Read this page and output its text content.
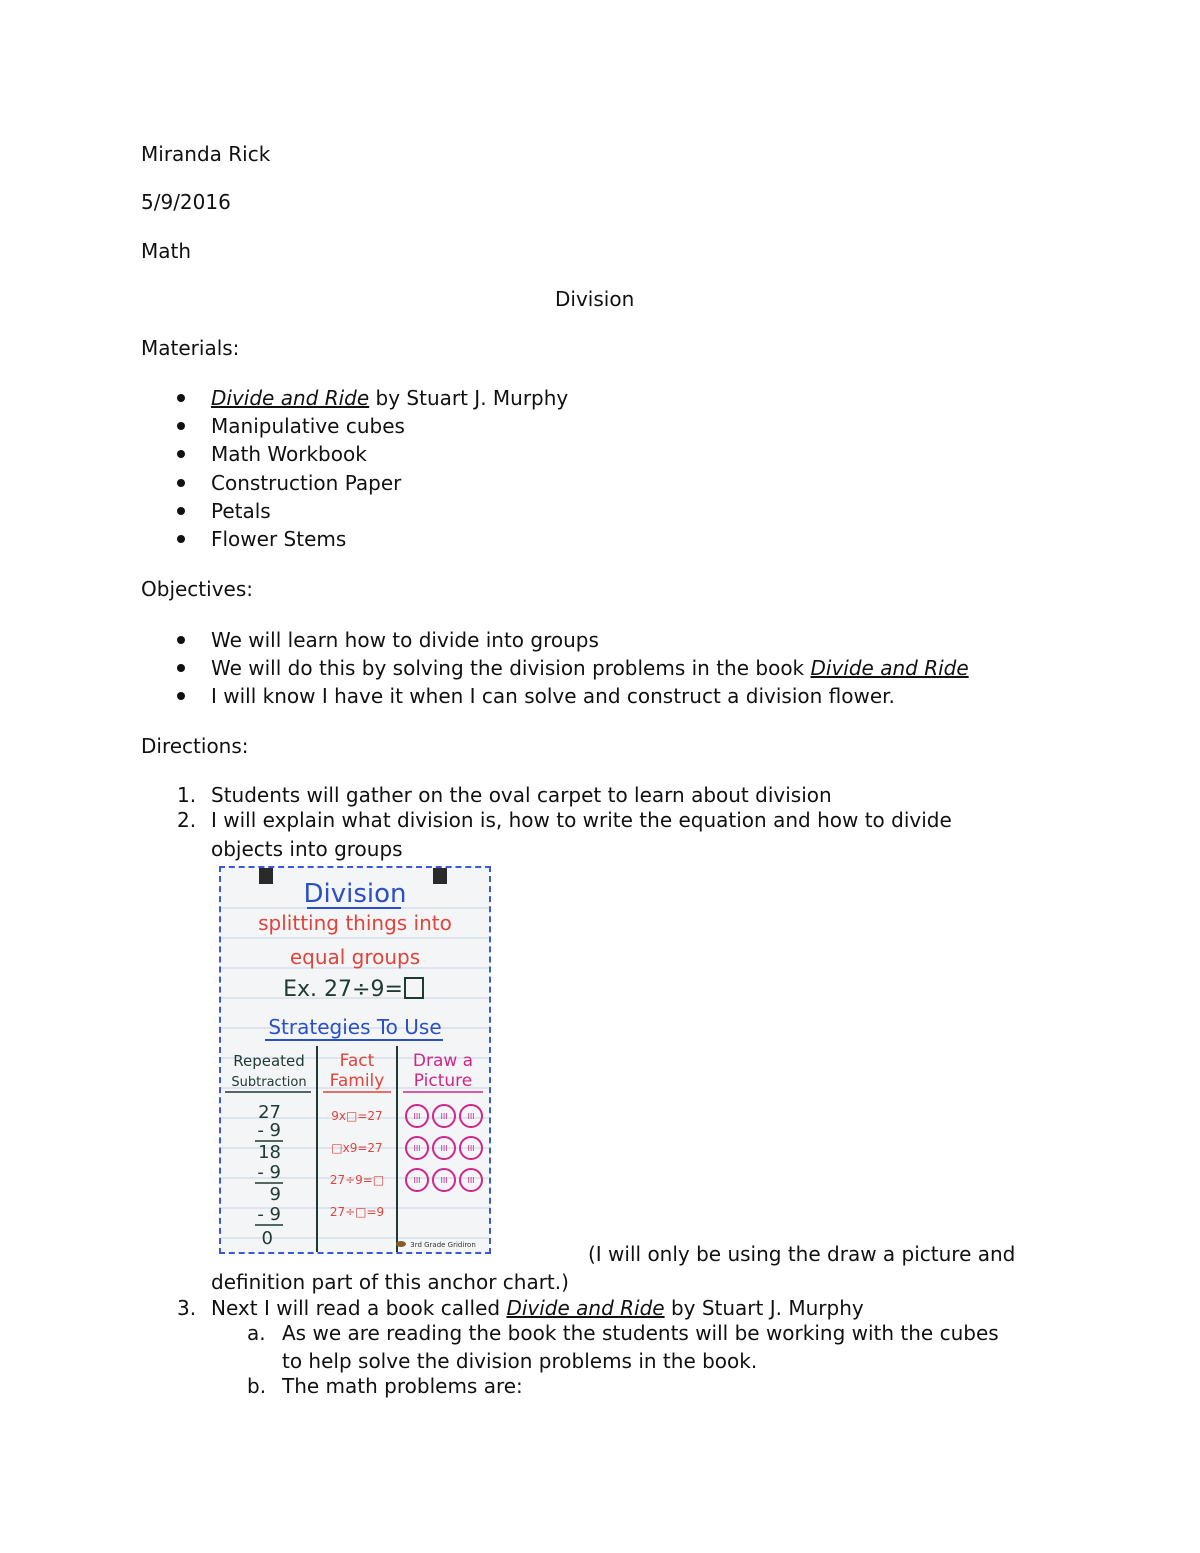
Miranda Rick
5/9/2016
Math
Division
Materials:
Divide and Ride by Stuart J. Murphy
Manipulative cubes
Math Workbook
Construction Paper
Petals
Flower Stems
Objectives:
We will learn how to divide into groups
We will do this by solving the division problems in the book Divide and Ride
I will know I have it when I can solve and construct a division flower.
Directions:
1. Students will gather on the oval carpet to learn about division
2. I will explain what division is, how to write the equation and how to divide
objects into groups
Division
splitting things into
equal groups
Ex. 27÷9=
Strategies To Use
Repeated
Subtraction
Fact
Family
Draw a
Picture
27
- 9
18
- 9
9
- 9
0
9x□=27
□x9=27
27÷9=□
27÷□=9
III III III
III III III
III III III
3rd Grade Gridiron	(I will only be using the draw a picture and
definition part of this anchor chart.)
3. Next I will read a book called Divide and Ride by Stuart J. Murphy
a. As we are reading the book the students will be working with the cubes
to help solve the division problems in the book.
b. The math problems are:
